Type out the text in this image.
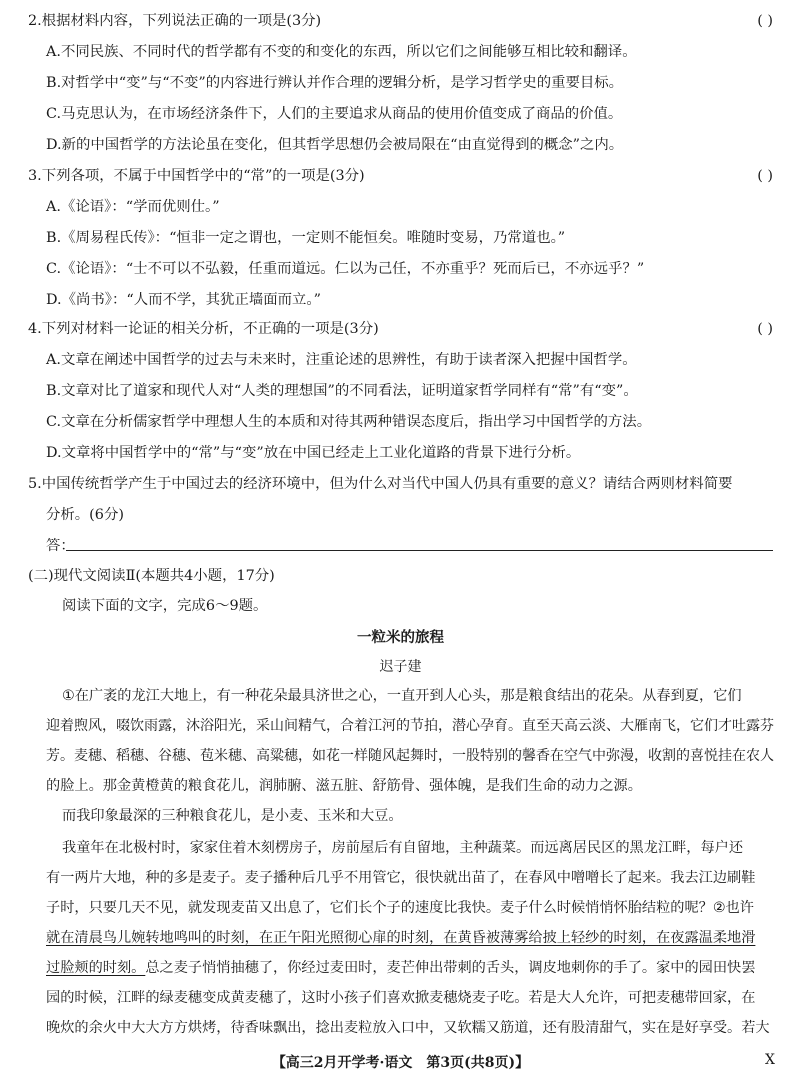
2.根据材料内容，下列说法正确的一项是(3分)	( )
A.不同民族、不同时代的哲学都有不变的和变化的东西，所以它们之间能够互相比较和翻译。
B.对哲学中“变”与“不变”的内容进行辨认并作合理的逻辑分析，是学习哲学史的重要目标。
C.马克思认为，在市场经济条件下，人们的主要追求从商品的使用价值变成了商品的价值。
D.新的中国哲学的方法论虽在变化，但其哲学思想仍会被局限在“由直觉得到的概念”之内。
3.下列各项，不属于中国哲学中的“常”的一项是(3分)	( )
A.《论语》：“学而优则仕。”
B.《周易程氏传》：“恒非一定之谓也，一定则不能恒矣。唯随时变易，乃常道也。”
C.《论语》：“士不可以不弘毅，任重而道远。仁以为己任，不亦重乎？死而后已，不亦远乎？”
D.《尚书》：“人而不学，其犹正墙面而立。”
4.下列对材料一论证的相关分析，不正确的一项是(3分)	( )
A.文章在阐述中国哲学的过去与未来时，注重论述的思辨性，有助于读者深入把握中国哲学。
B.文章对比了道家和现代人对“人类的理想国”的不同看法，证明道家哲学同样有“常”有“变”。
C.文章在分析儒家哲学中理想人生的本质和对待其两种错误态度后，指出学习中国哲学的方法。
D.文章将中国哲学中的“常”与“变”放在中国已经走上工业化道路的背景下进行分析。
5.中国传统哲学产生于中国过去的经济环境中，但为什么对当代中国人仍具有重要的意义？请结合两则材料简要
分析。(6分)
答：
(二)现代文阅读Ⅱ(本题共4小题，17分)
阅读下面的文字，完成6～9题。
一粒米的旅程
迟子建
①在广袤的龙江大地上，有一种花朵最具济世之心，一直开到人心头，那是粮食结出的花朵。从春到夏，它们
迎着煦风，啜饮雨露，沐浴阳光，采山间精气，合着江河的节拍，潜心孕育。直至天高云淡、大雁南飞，它们才吐露芬
芳。麦穗、稻穗、谷穗、苞米穗、高粱穗，如花一样随风起舞时，一股特别的馨香在空气中弥漫，收割的喜悦挂在农人
的脸上。那金黄橙黄的粮食花儿，润肺腑、滋五脏、舒筋骨、强体魄，是我们生命的动力之源。
而我印象最深的三种粮食花儿，是小麦、玉米和大豆。
我童年在北极村时，家家住着木刻楞房子，房前屋后有自留地，主种蔬菜。而远离居民区的黑龙江畔，每户还
有一两片大地，种的多是麦子。麦子播种后几乎不用管它，很快就出苗了，在春风中噌噌长了起来。我去江边刷鞋
子时，只要几天不见，就发现麦苗又出息了，它们长个子的速度比我快。麦子什么时候悄悄怀胎结粒的呢？②也许
就在清晨鸟儿婉转地鸣叫的时刻，在正午阳光照彻心扉的时刻，在黄昏被薄雾给披上轻纱的时刻，在夜露温柔地滑
过脸颊的时刻。总之麦子悄悄抽穗了，你经过麦田时，麦芒伸出带刺的舌头，调皮地刺你的手了。家中的园田快罢
园的时候，江畔的绿麦穗变成黄麦穗了，这时小孩子们喜欢掀麦穗烧麦子吃。若是大人允许，可把麦穗带回家，在
晚炊的余火中大大方方烘烤，待香味飘出，捻出麦粒放入口中，又软糯又筋道，还有股清甜气，实在是好享受。若大
【高三2月开学考·语文　第3页(共8页)】	X
